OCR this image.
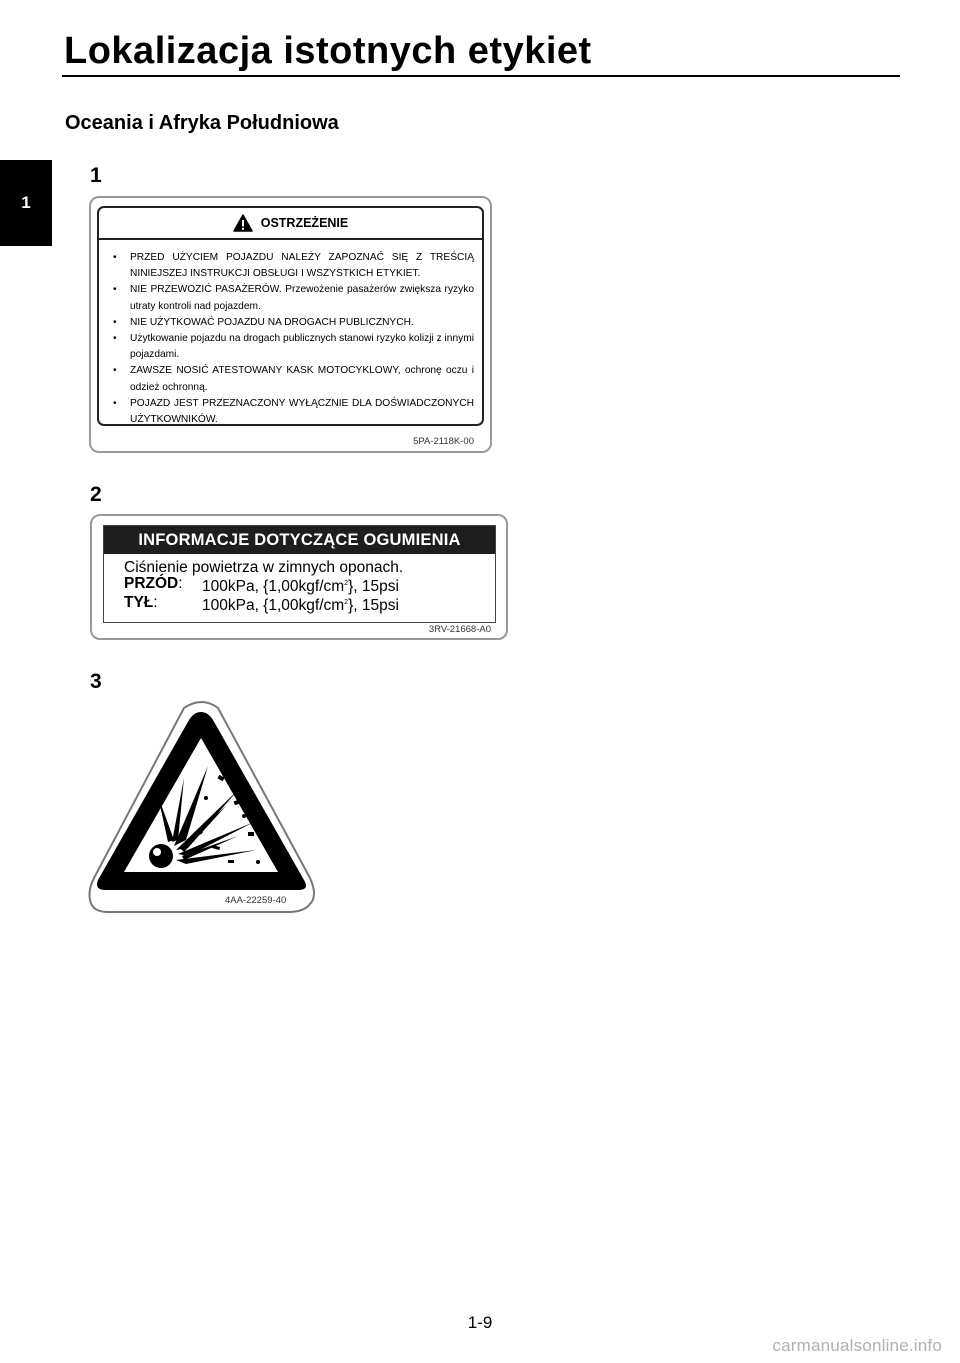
1
Lokalizacja istotnych etykiet
Oceania i Afryka Południowa
1
OSTRZEŻENIE
• PRZED UŻYCIEM POJAZDU NALEŻY ZAPOZNAĆ SIĘ Z TREŚCIĄ NINIEJSZEJ INSTRUKCJI OBSŁUGI I WSZYSTKICH ETYKIET.
• NIE PRZEWOZIĆ PASAŻERÓW. Przewożenie pasażerów zwiększa ryzyko utraty kontroli nad pojazdem.
• NIE UŻYTKOWAĆ POJAZDU NA DROGACH PUBLICZNYCH.
• Użytkowanie pojazdu na drogach publicznych stanowi ryzyko kolizji z innymi pojazdami.
• ZAWSZE NOSIĆ ATESTOWANY KASK MOTOCYKLOWY, ochronę oczu i odzież ochronną.
• POJAZD JEST PRZEZNACZONY WYŁĄCZNIE DLA DOŚWIADCZONYCH UŻYTKOWNIKÓW.
5PA-2118K-00
2
INFORMACJE DOTYCZĄCE OGUMIENIA
Ciśnienie powietrza w zimnych oponach.
PRZÓD:	100kPa, $\{1,00kgf/cm^2\}$, 15psi
TYŁ:	100kPa, $\{1,00kgf/cm^2\}$, 15psi
3RV-21668-A0
3
4AA-22259-40
1-9
carmanualsonline.info
